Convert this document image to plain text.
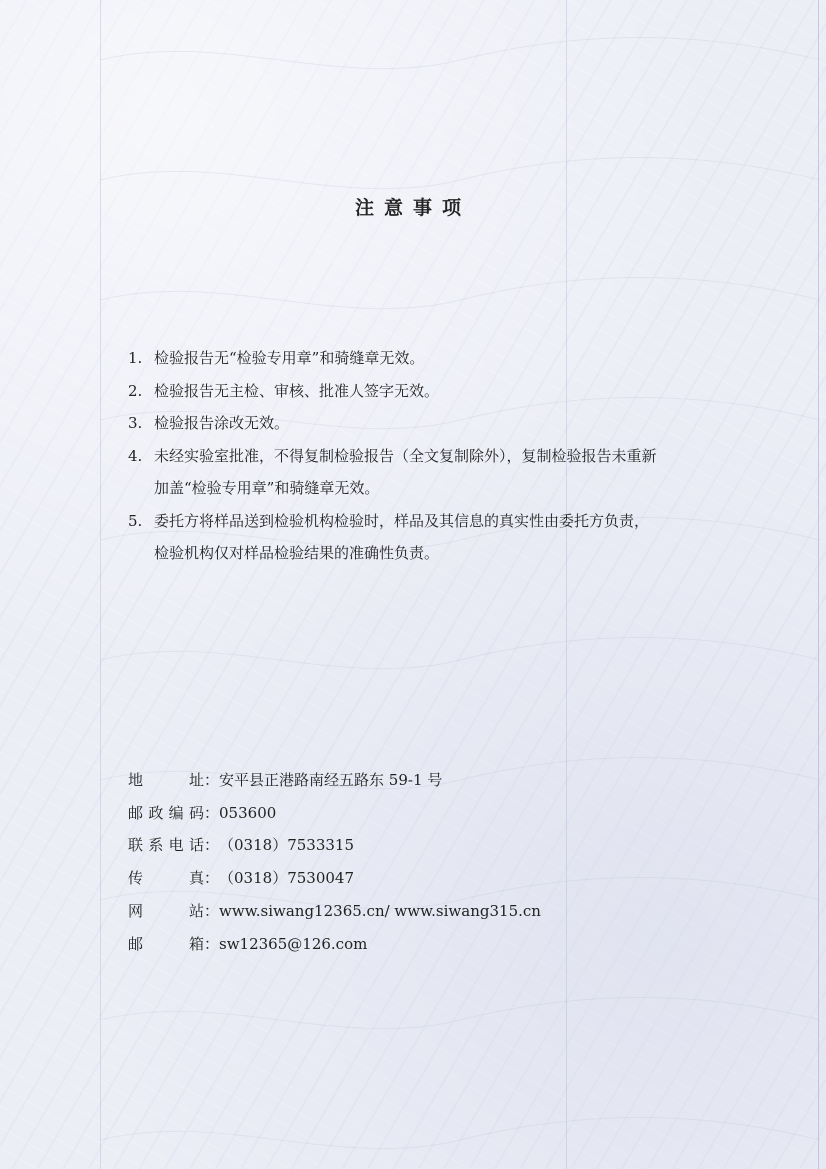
注意事项
1. 检验报告无“检验专用章”和骑缝章无效。
2. 检验报告无主检、审核、批准人签字无效。
3. 检验报告涂改无效。
4. 未经实验室批准，不得复制检验报告（全文复制除外），复制检验报告未重新
加盖“检验专用章”和骑缝章无效。
5. 委托方将样品送到检验机构检验时，样品及其信息的真实性由委托方负责，
检验机构仅对样品检验结果的准确性负责。
地址 ： 安平县正港路南经五路东 59-1 号
邮政编码 ： 053600
联系电话 ： （0318）7533315
传真 ： （0318）7530047
网站 ： www.siwang12365.cn/ www.siwang315.cn
邮箱 ： sw12365@126.com
